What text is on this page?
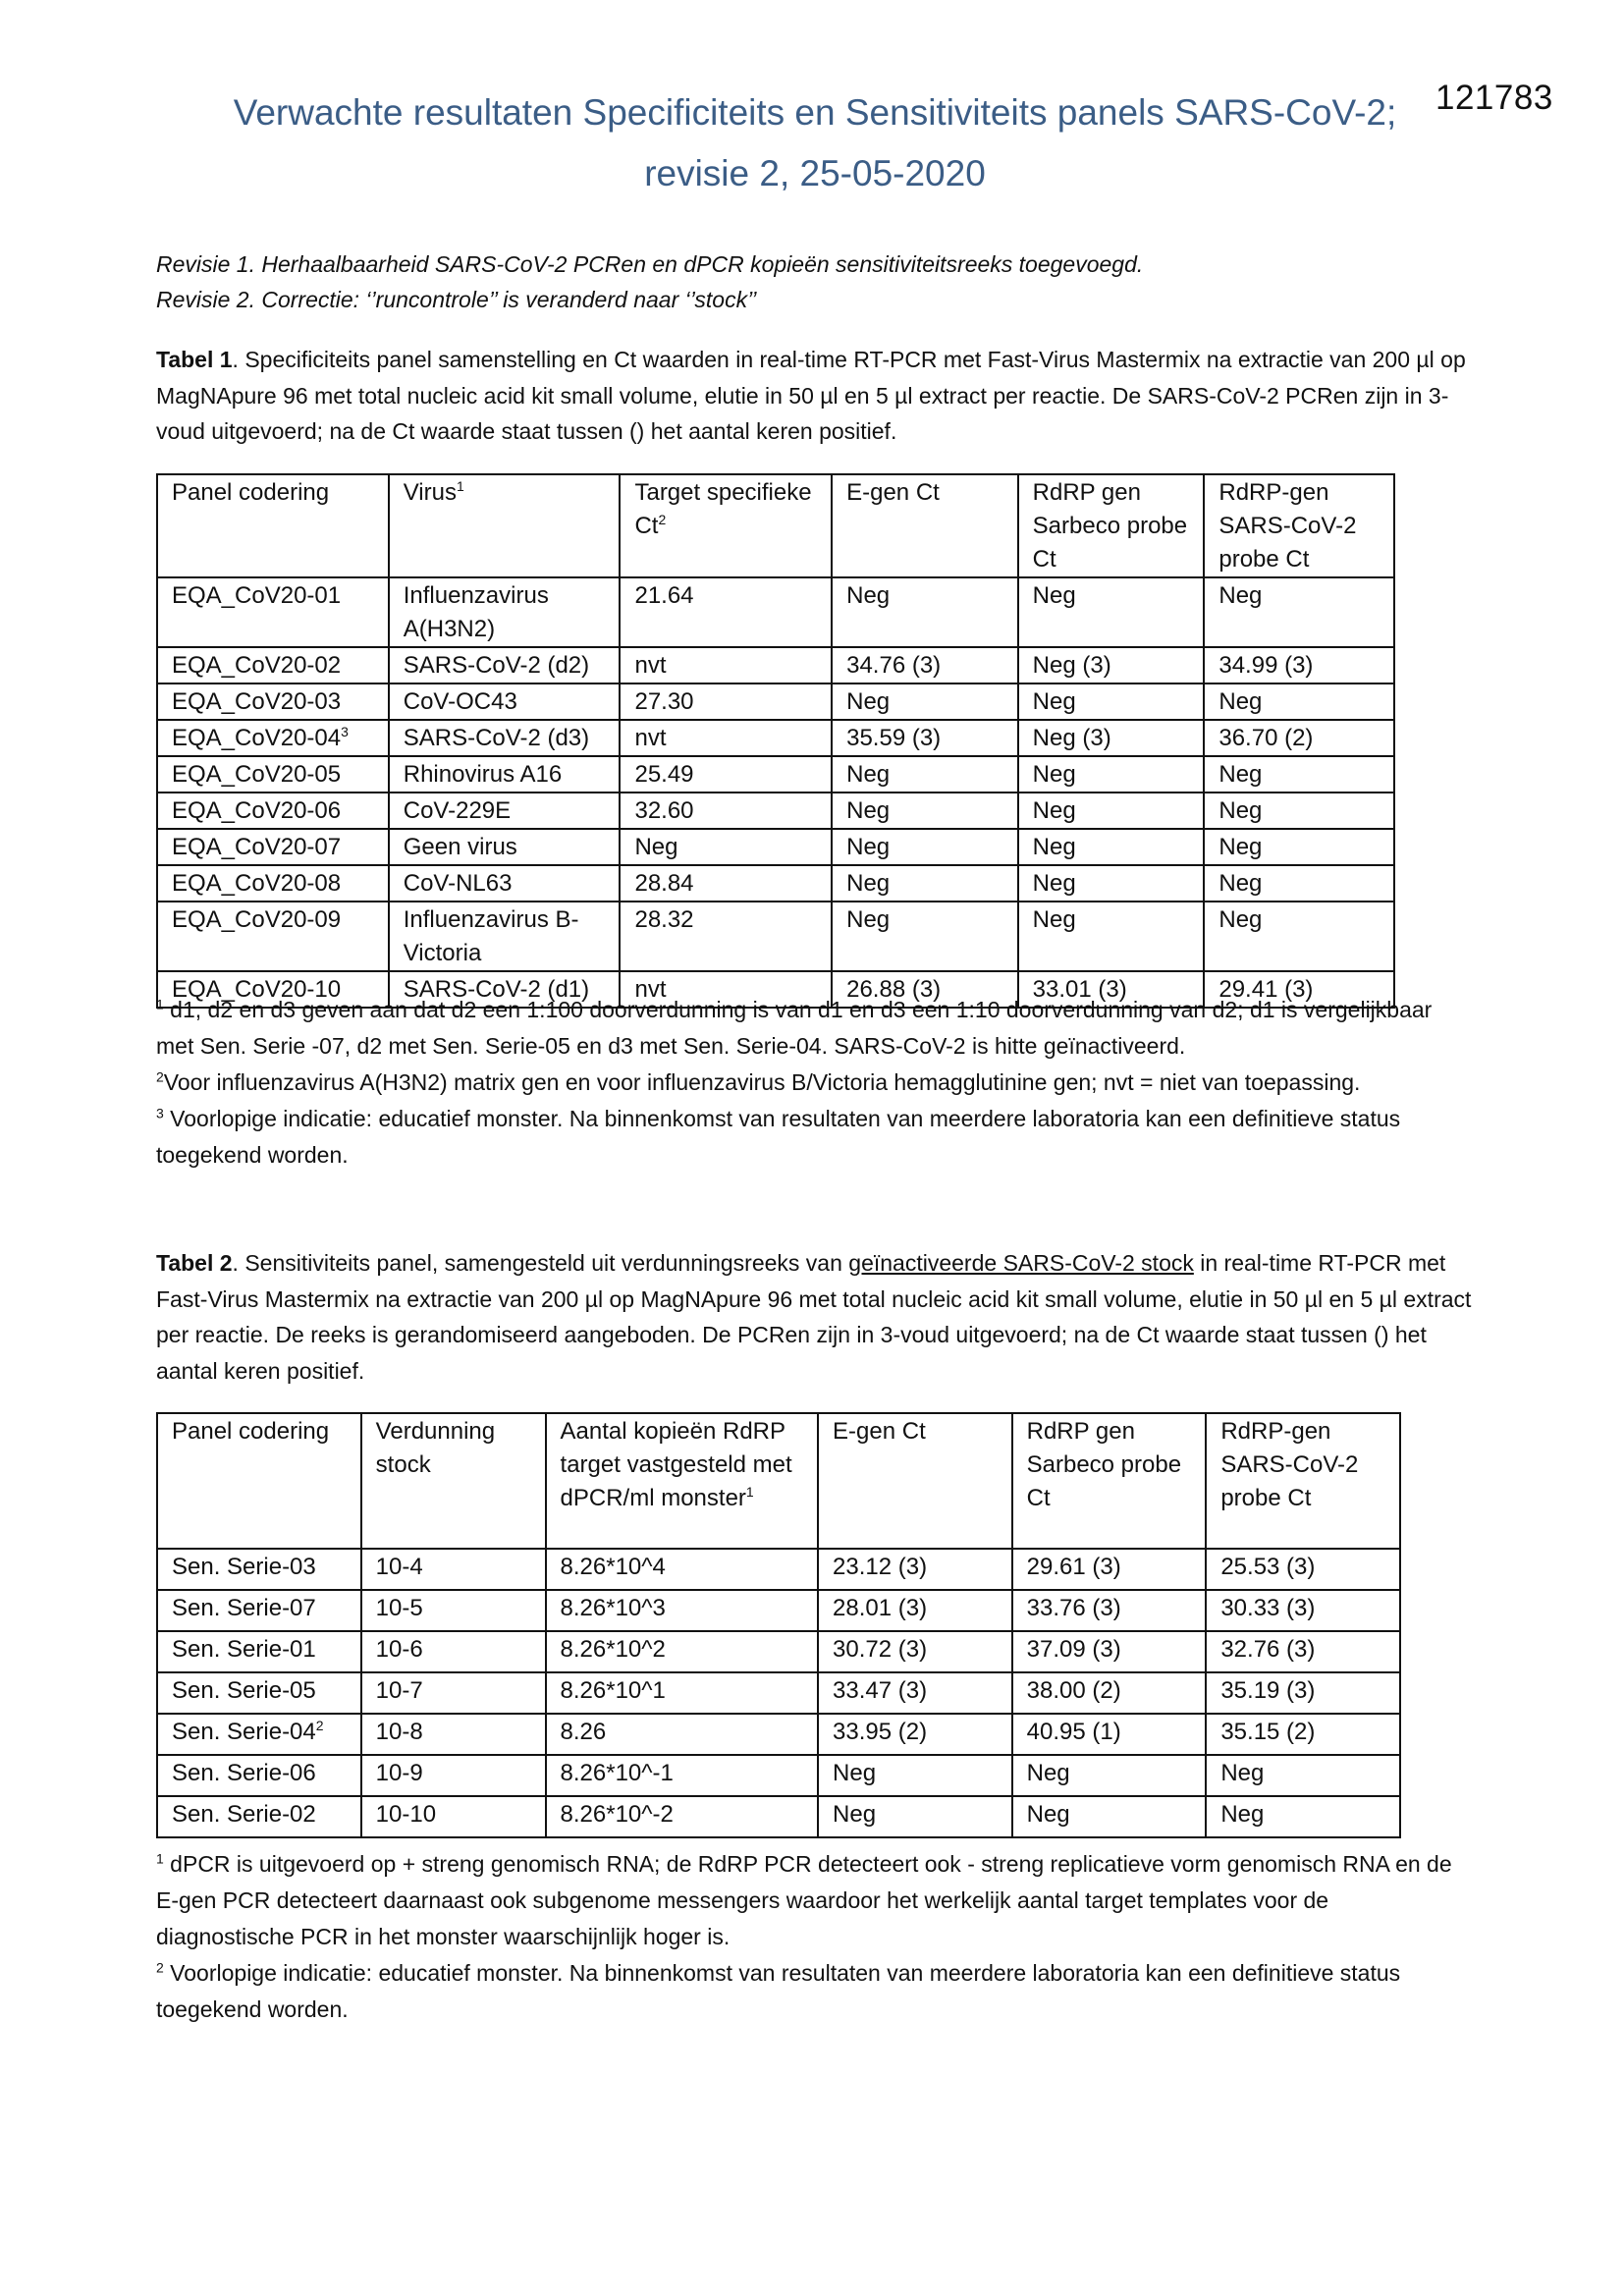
121783
Verwachte resultaten Specificiteits en Sensitiviteits panels SARS-CoV-2;
revisie 2, 25-05-2020
Revisie 1. Herhaalbaarheid SARS-CoV-2 PCRen en dPCR kopieën sensitiviteitsreeks toegevoegd.
Revisie 2. Correctie: ‘’runcontrole’’ is veranderd naar ‘’stock’’
Tabel 1. Specificiteits panel samenstelling en Ct waarden in real-time RT-PCR met Fast-Virus Mastermix na extractie van 200 µl op MagNApure 96 met total nucleic acid kit small volume, elutie in 50 µl en 5 µl extract per reactie. De SARS-CoV-2 PCRen zijn in 3-voud uitgevoerd; na de Ct waarde staat tussen () het aantal keren positief.
Panel codering	Virus$^1$	Target specifieke Ct$^2$	E-gen Ct	RdRP gen Sarbeco probe Ct	RdRP-gen SARS-CoV-2 probe Ct
EQA_CoV20-01	Influenzavirus A(H3N2)	21.64	Neg	Neg	Neg
EQA_CoV20-02	SARS-CoV-2 (d2)	nvt	34.76 (3)	Neg (3)	34.99 (3)
EQA_CoV20-03	CoV-OC43	27.30	Neg	Neg	Neg
$EQA\_CoV20-04^3$	SARS-CoV-2 (d3)	nvt	35.59 (3)	Neg (3)	36.70 (2)
EQA_CoV20-05	Rhinovirus A16	25.49	Neg	Neg	Neg
EQA_CoV20-06	CoV-229E	32.60	Neg	Neg	Neg
EQA_CoV20-07	Geen virus	Neg	Neg	Neg	Neg
EQA_CoV20-08	CoV-NL63	28.84	Neg	Neg	Neg
EQA_CoV20-09	Influenzavirus B-Victoria	28.32	Neg	Neg	Neg
EQA_CoV20-10	SARS-CoV-2 (d1)	nvt	26.88 (3)	33.01 (3)	29.41 (3)
$^1$ d1, d2 en d3 geven aan dat d2 een 1:100 doorverdunning is van d1 en d3 een 1:10 doorverdunning van d2; d1 is vergelijkbaar met Sen. Serie -07, d2 met Sen. Serie-05 en d3 met Sen. Serie-04. SARS-CoV-2 is hitte geïnactiveerd.
$^2$Voor influenzavirus A(H3N2) matrix gen en voor influenzavirus B/Victoria hemagglutinine gen; nvt = niet van toepassing.
$^3$ Voorlopige indicatie: educatief monster. Na binnenkomst van resultaten van meerdere laboratoria kan een definitieve status toegekend worden.
Tabel 2. Sensitiviteits panel, samengesteld uit verdunningsreeks van geïnactiveerde SARS-CoV-2 stock in real-time RT-PCR met Fast-Virus Mastermix na extractie van 200 µl op MagNApure 96 met total nucleic acid kit small volume, elutie in 50 µl en 5 µl extract per reactie. De reeks is gerandomiseerd aangeboden. De PCRen zijn in 3-voud uitgevoerd; na de Ct waarde staat tussen () het aantal keren positief.
Panel codering	Verdunning stock	Aantal kopieën RdRP target vastgesteld met dPCR/ml monster$^1$	E-gen Ct	RdRP gen Sarbeco probe Ct	RdRP-gen SARS-CoV-2 probe Ct
Sen. Serie-03	10-4	8.26*10^4	23.12 (3)	29.61 (3)	25.53 (3)
Sen. Serie-07	10-5	8.26*10^3	28.01 (3)	33.76 (3)	30.33 (3)
Sen. Serie-01	10-6	8.26*10^2	30.72 (3)	37.09 (3)	32.76 (3)
Sen. Serie-05	10-7	8.26*10^1	33.47 (3)	38.00 (2)	35.19 (3)
Sen. Serie-$04^2$	10-8	8.26	33.95 (2)	40.95 (1)	35.15 (2)
Sen. Serie-06	10-9	8.26*10^-1	Neg	Neg	Neg
Sen. Serie-02	10-10	8.26*10^-2	Neg	Neg	Neg
$^1$ dPCR is uitgevoerd op + streng genomisch RNA; de RdRP PCR detecteert ook - streng replicatieve vorm genomisch RNA en de E-gen PCR detecteert daarnaast ook subgenome messengers waardoor het werkelijk aantal target templates voor de diagnostische PCR in het monster waarschijnlijk hoger is.
$^2$ Voorlopige indicatie: educatief monster. Na binnenkomst van resultaten van meerdere laboratoria kan een definitieve status toegekend worden.
